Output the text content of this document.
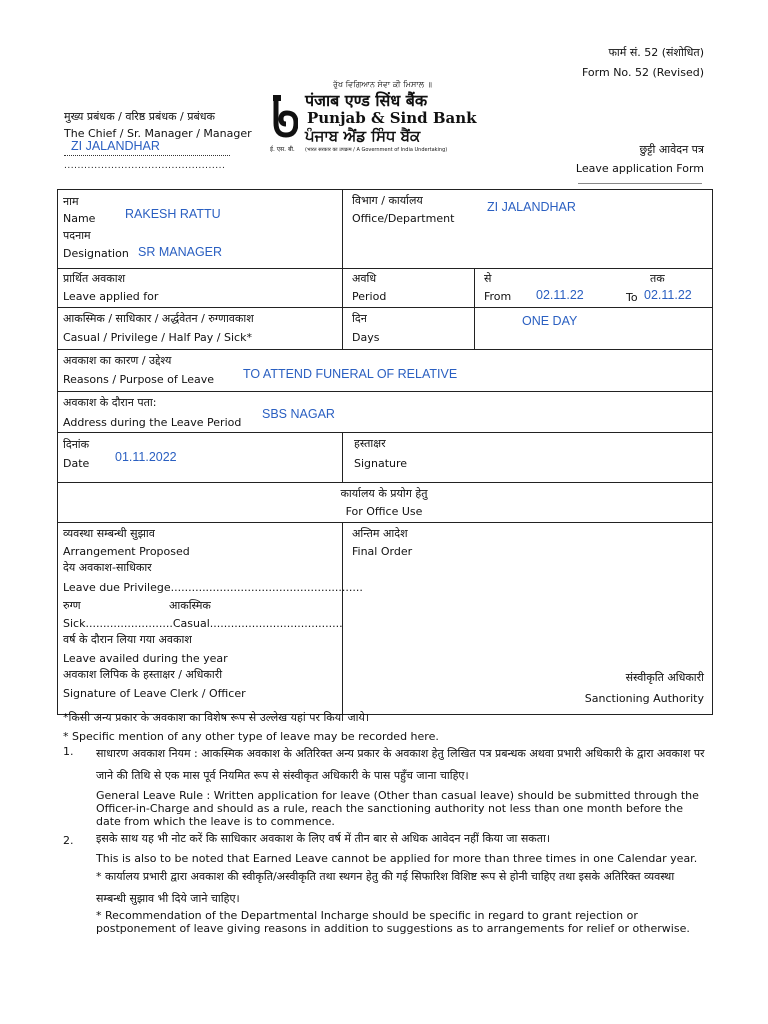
फार्म सं. 52 (संशोधित)
Form No. 52 (Revised)
मुख्य प्रबंधक / वरिष्ठ प्रबंधक / प्रबंधक
The Chief / Sr. Manager / Manager
ZI JALANDHAR
................................................
ਰੁੱਖ ਵਿਗਿਆਨ ਸੇਵਾ ਕੀ ਮਿਸਾਲ ॥
ई. एस. बी.
पंजाब एण्ड सिंध बैंक
Punjab & Sind Bank
ਪੰਜਾਬ ਐਂਡ ਸਿੰਧ ਬੈਂਕ
(भारत सरकार का उपक्रम / A Government of India Undertaking)	छुट्टी आवेदन पत्र
Leave application Form
नाम
Name RAKESH RATTU
पदनाम
Designation SR MANAGER
विभाग / कार्यालय
Office/Department
ZI JALANDHAR
प्रार्थित अवकाश
Leave applied for
अवधि
Period
से
From 02.11.22
तक
To 02.11.22
आकस्मिक / साधिकार / अर्द्धवेतन / रुग्णावकाश
Casual / Privilege / Half Pay / Sick*
दिन
Days
ONE DAY
अवकाश का कारण / उद्देश्य
Reasons / Purpose of Leave TO ATTEND FUNERAL OF RELATIVE
अवकाश के दौरान पता:
Address during the Leave Period
SBS NAGAR
दिनांक
Date 01.11.2022
हस्ताक्षर
Signature
कार्यालय के प्रयोग हेतु
For Office Use
व्यवस्था सम्बन्धी सुझाव
Arrangement Proposed
देय अवकाश-साधिकार
Leave due Privilege.......................................................
रुग्ण	आकस्मिक
Sick.........................Casual......................................
वर्ष के दौरान लिया गया अवकाश
Leave availed during the year
अवकाश लिपिक के हस्ताक्षर / अधिकारी
Signature of Leave Clerk / Officer
अन्तिम आदेश
Final Order
संस्वीकृति अधिकारी
Sanctioning Authority
*किसी अन्य प्रकार के अवकाश का विशेष रूप से उल्लेख यहां पर किया जाये।
* Specific mention of any other type of leave may be recorded here.
1. साधारण अवकाश नियम : आकस्मिक अवकाश के अतिरिक्त अन्य प्रकार के अवकाश हेतु लिखित पत्र प्रबन्धक अथवा प्रभारी अधिकारी के द्वारा अवकाश पर जाने की तिथि से एक मास पूर्व नियमित रूप से संस्वीकृत अधिकारी के पास पहुँच जाना चाहिए।
General Leave Rule : Written application for leave (Other than casual leave) should be submitted through the Officer-in-Charge and should as a rule, reach the sanctioning authority not less than one month before the date from which the leave is to commence.
2. इसके साथ यह भी नोट करें कि साधिकार अवकाश के लिए वर्ष में तीन बार से अधिक आवेदन नहीं किया जा सकता।
This is also to be noted that Earned Leave cannot be applied for more than three times in one Calendar year.
* कार्यालय प्रभारी द्वारा अवकाश की स्वीकृति/अस्वीकृति तथा स्थगन हेतु की गई सिफारिश विशिष्ट रूप से होनी चाहिए तथा इसके अतिरिक्त व्यवस्था सम्बन्धी सुझाव भी दिये जाने चाहिए।
* Recommendation of the Departmental Incharge should be specific in regard to grant rejection or postponement of leave giving reasons in addition to suggestions as to arrangements for relief or otherwise.
